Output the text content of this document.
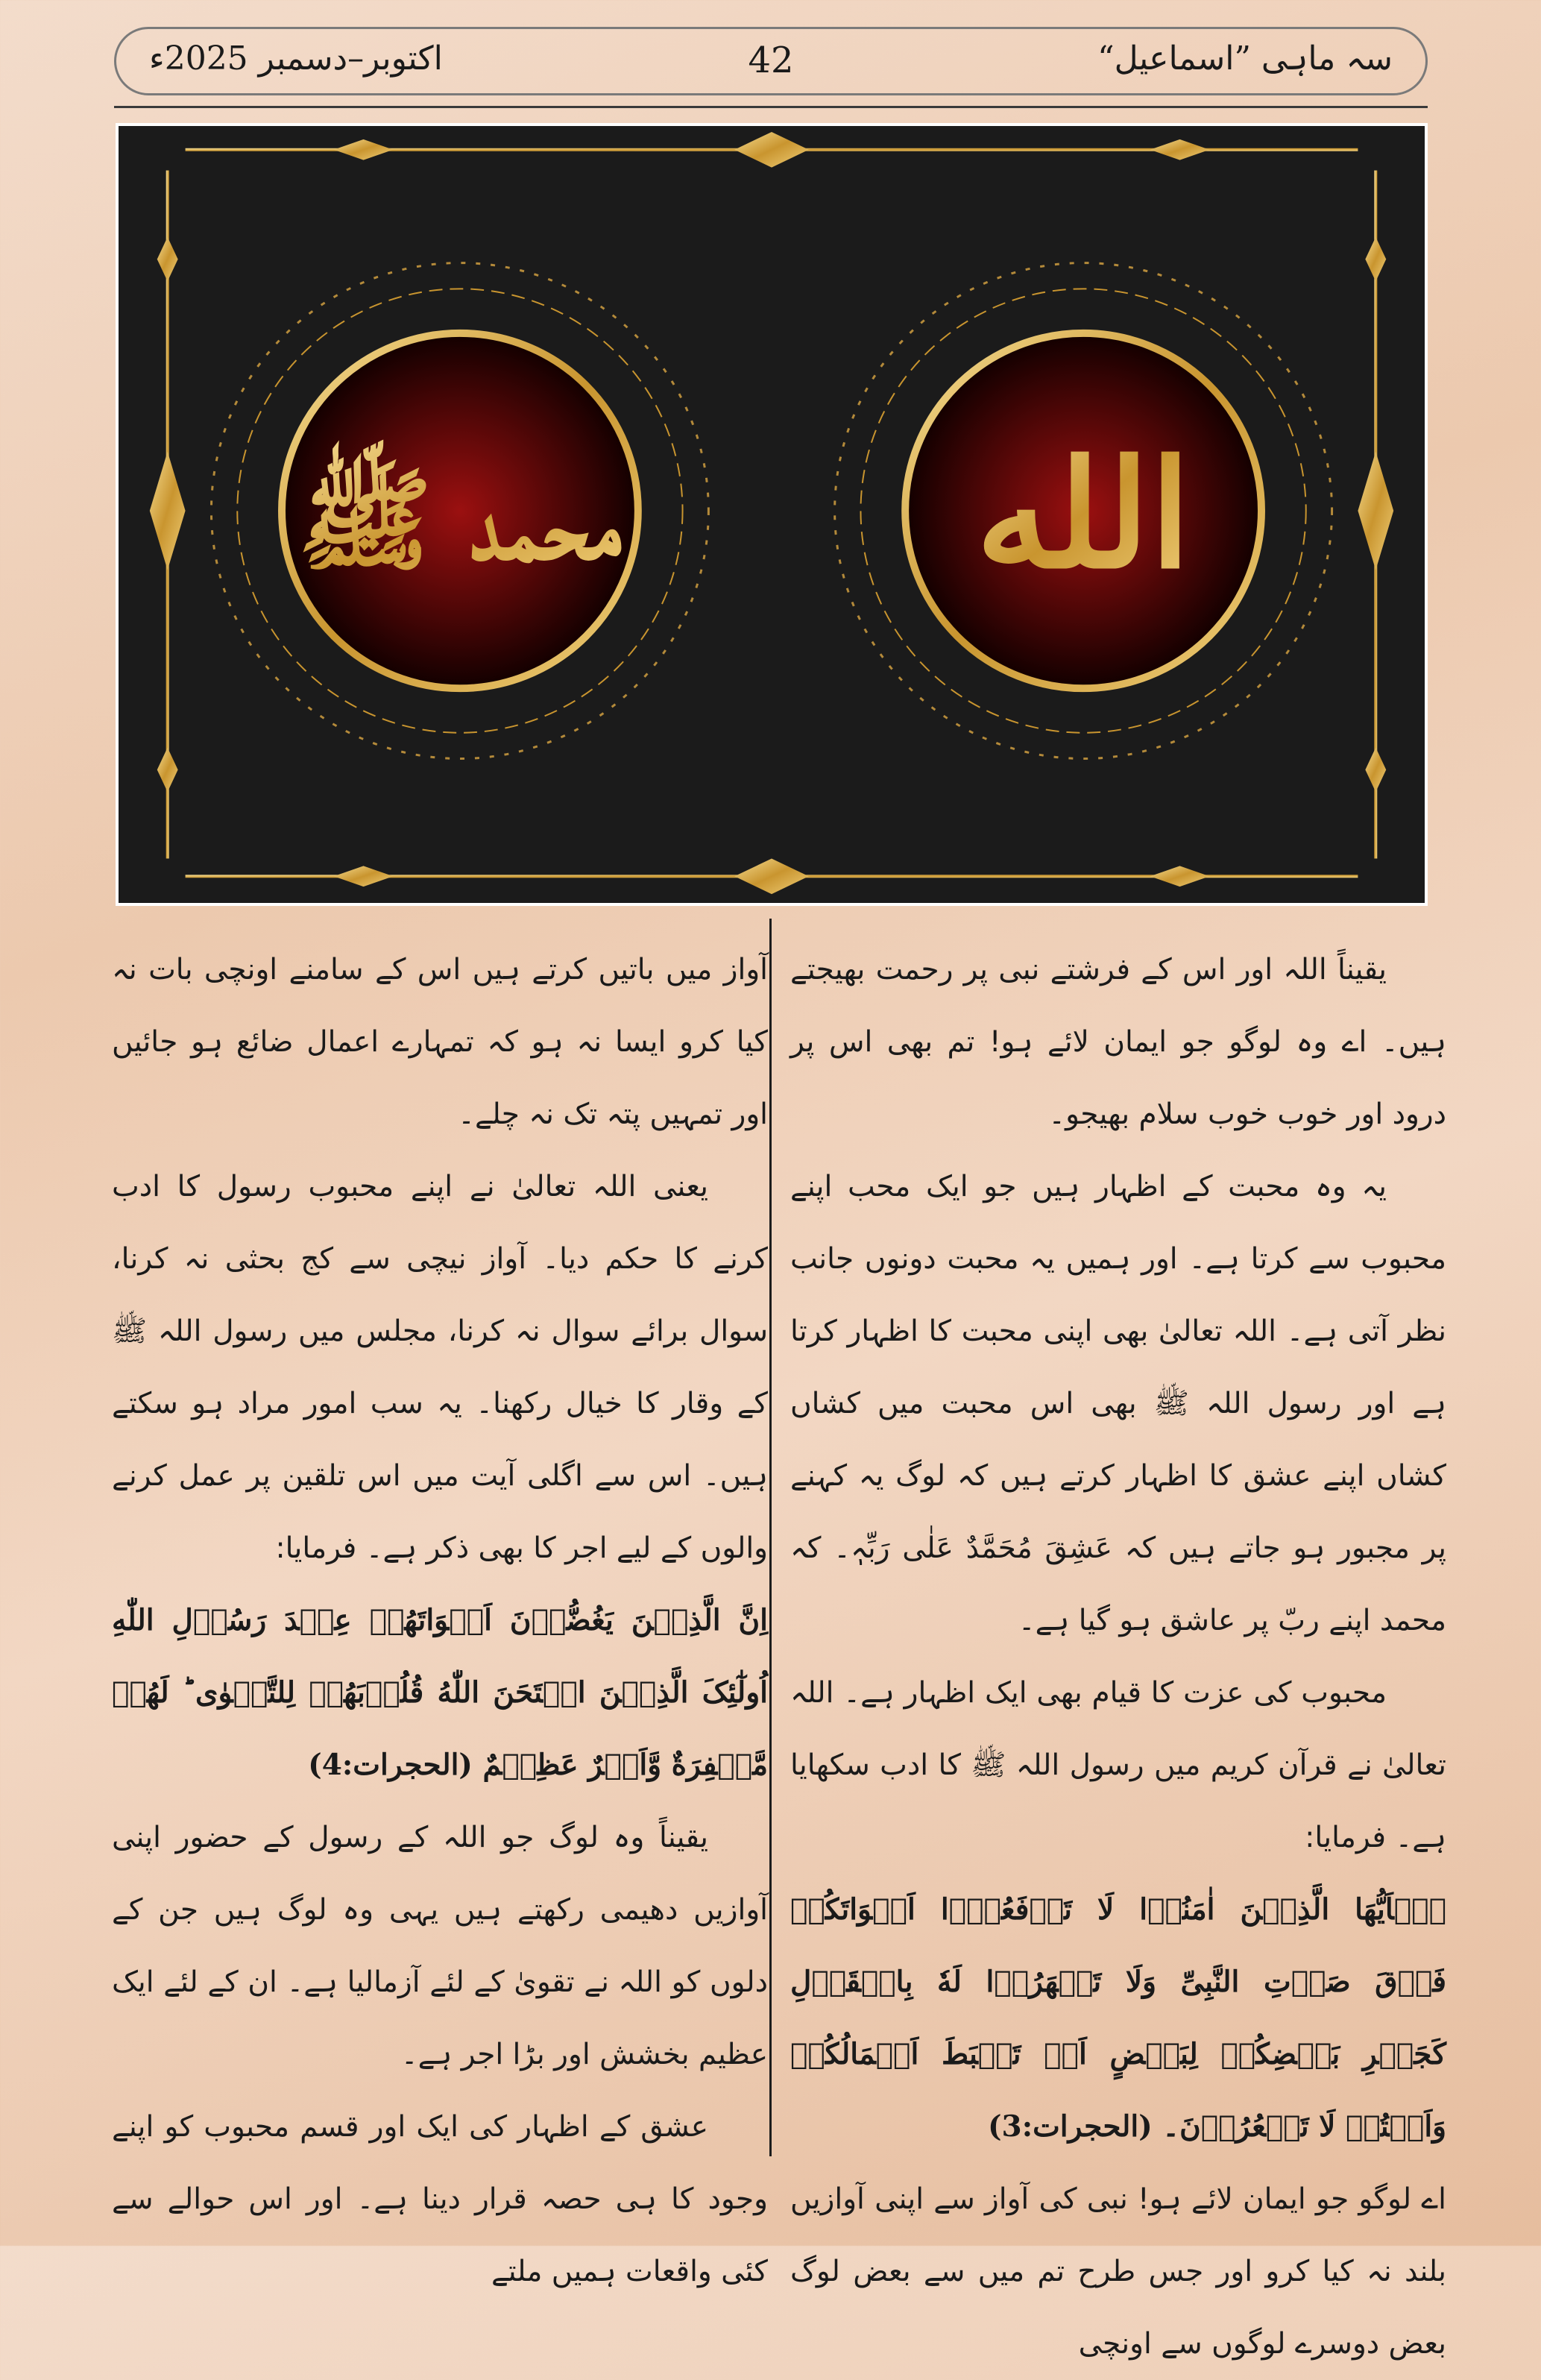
اکتوبر–دسمبر 2025ء	42	سہ ماہی ”اسماعیل“
محمد ﷺ الله

یقیناً اللہ اور اس کے فرشتے نبی پر رحمت بھیجتے ہیں۔ اے وہ لوگو جو ایمان لائے ہو! تم بھی اس پر درود اور خوب خوب سلام بھیجو۔

یہ وہ محبت کے اظہار ہیں جو ایک محب اپنے محبوب سے کرتا ہے۔ اور ہمیں یہ محبت دونوں جانب نظر آتی ہے۔ اللہ تعالیٰ بھی اپنی محبت کا اظہار کرتا ہے اور رسول اللہ ﷺ بھی اس محبت میں کشاں کشاں اپنے عشق کا اظہار کرتے ہیں کہ لوگ یہ کہنے پر مجبور ہو جاتے ہیں کہ عَشِقَ مُحَمَّدٌ عَلٰی رَبِّہٖ۔ کہ محمد اپنے ربّ پر عاشق ہو گیا ہے۔

محبوب کی عزت کا قیام بھی ایک اظہار ہے۔ اللہ تعالیٰ نے قرآن کریم میں رسول اللہ ﷺ کا ادب سکھایا ہے۔ فرمایا:

یٰۤاَیُّهَا الَّذِیۡنَ اٰمَنُوۡا لَا تَرۡفَعُوۡۤا اَصۡوَاتَکُمۡ فَوۡقَ صَوۡتِ النَّبِیِّ وَلَا تَجۡهَرُوۡا لَهٗ بِالۡقَوۡلِ کَجَهۡرِ بَعۡضِکُمۡ لِبَعۡضٍ اَنۡ تَحۡبَطَ اَعۡمَالُکُمۡ وَاَنۡتُمۡ لَا تَشۡعُرُوۡنَ۔ (الحجرات:3)

اے لوگو جو ایمان لائے ہو! نبی کی آواز سے اپنی آوازیں بلند نہ کیا کرو اور جس طرح تم میں سے بعض لوگ بعض دوسرے لوگوں سے اونچی

آواز میں باتیں کرتے ہیں اس کے سامنے اونچی بات نہ کیا کرو ایسا نہ ہو کہ تمہارے اعمال ضائع ہو جائیں اور تمہیں پتہ تک نہ چلے۔

یعنی اللہ تعالیٰ نے اپنے محبوب رسول کا ادب کرنے کا حکم دیا۔ آواز نیچی سے کج بحثی نہ کرنا، سوال برائے سوال نہ کرنا، مجلس میں رسول اللہ ﷺ کے وقار کا خیال رکھنا۔ یہ سب امور مراد ہو سکتے ہیں۔ اس سے اگلی آیت میں اس تلقین پر عمل کرنے والوں کے لیے اجر کا بھی ذکر ہے۔ فرمایا:

اِنَّ الَّذِیۡنَ یَغُضُّوۡنَ اَصۡوَاتَهُمۡ عِنۡدَ رَسُوۡلِ اللّٰهِ اُولٰٓئِکَ الَّذِیۡنَ امۡتَحَنَ اللّٰهُ قُلُوۡبَهُمۡ لِلتَّقۡوٰی ؕ لَهُمۡ مَّغۡفِرَةٌ وَّاَجۡرٌ عَظِیۡمٌ (الحجرات:4)

یقیناً وہ لوگ جو اللہ کے رسول کے حضور اپنی آوازیں دھیمی رکھتے ہیں یہی وہ لوگ ہیں جن کے دلوں کو اللہ نے تقویٰ کے لئے آزمالیا ہے۔ ان کے لئے ایک عظیم بخشش اور بڑا اجر ہے۔

عشق کے اظہار کی ایک اور قسم محبوب کو اپنے وجود کا ہی حصہ قرار دینا ہے۔ اور اس حوالے سے کئی واقعات ہمیں ملتے
